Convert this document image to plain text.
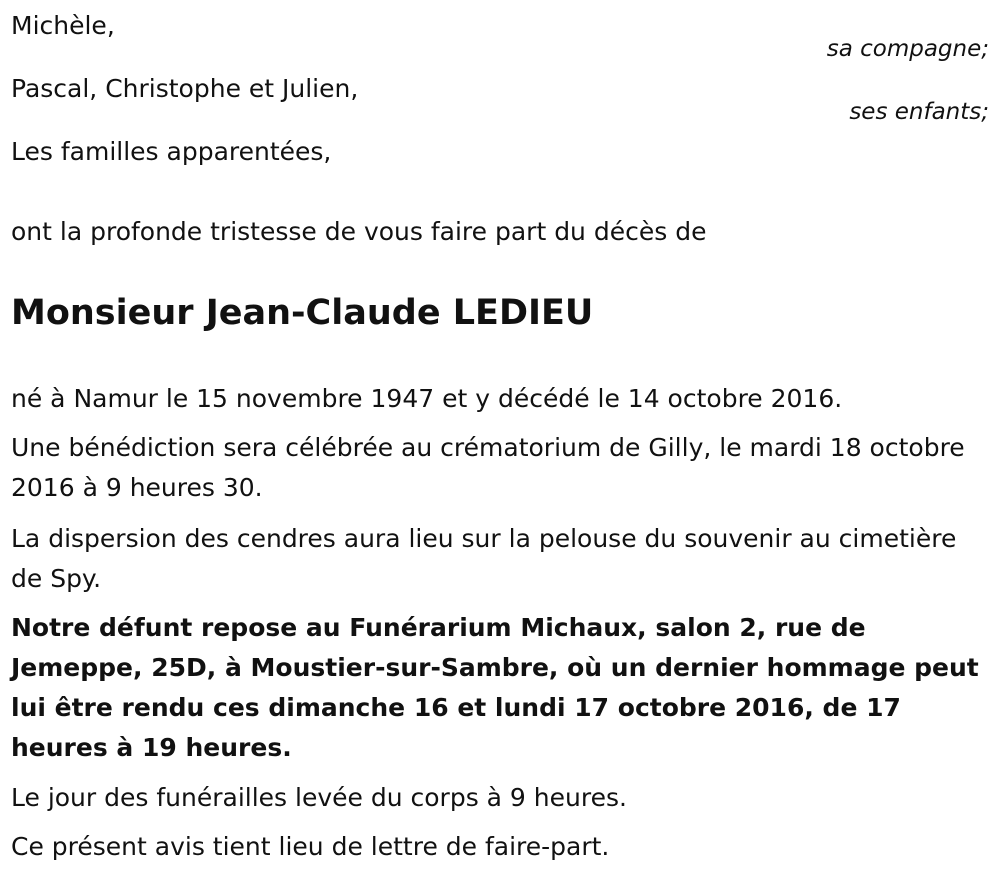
Michèle,
sa compagne;
Pascal, Christophe et Julien,
ses enfants;
Les familles apparentées,
ont la profonde tristesse de vous faire part du décès de
Monsieur Jean-Claude LEDIEU
né à Namur le 15 novembre 1947 et y décédé le 14 octobre 2016.
Une bénédiction sera célébrée au crématorium de Gilly, le mardi 18 octobre 2016 à 9 heures 30.
La dispersion des cendres aura lieu sur la pelouse du souvenir au cimetière de Spy.
Notre défunt repose au Funérarium Michaux, salon 2, rue de Jemeppe, 25D, à Moustier-sur-Sambre, où un dernier hommage peut lui être rendu ces dimanche 16 et lundi 17 octobre 2016, de 17 heures à 19 heures.
Le jour des funérailles levée du corps à 9 heures.
Ce présent avis tient lieu de lettre de faire-part.
